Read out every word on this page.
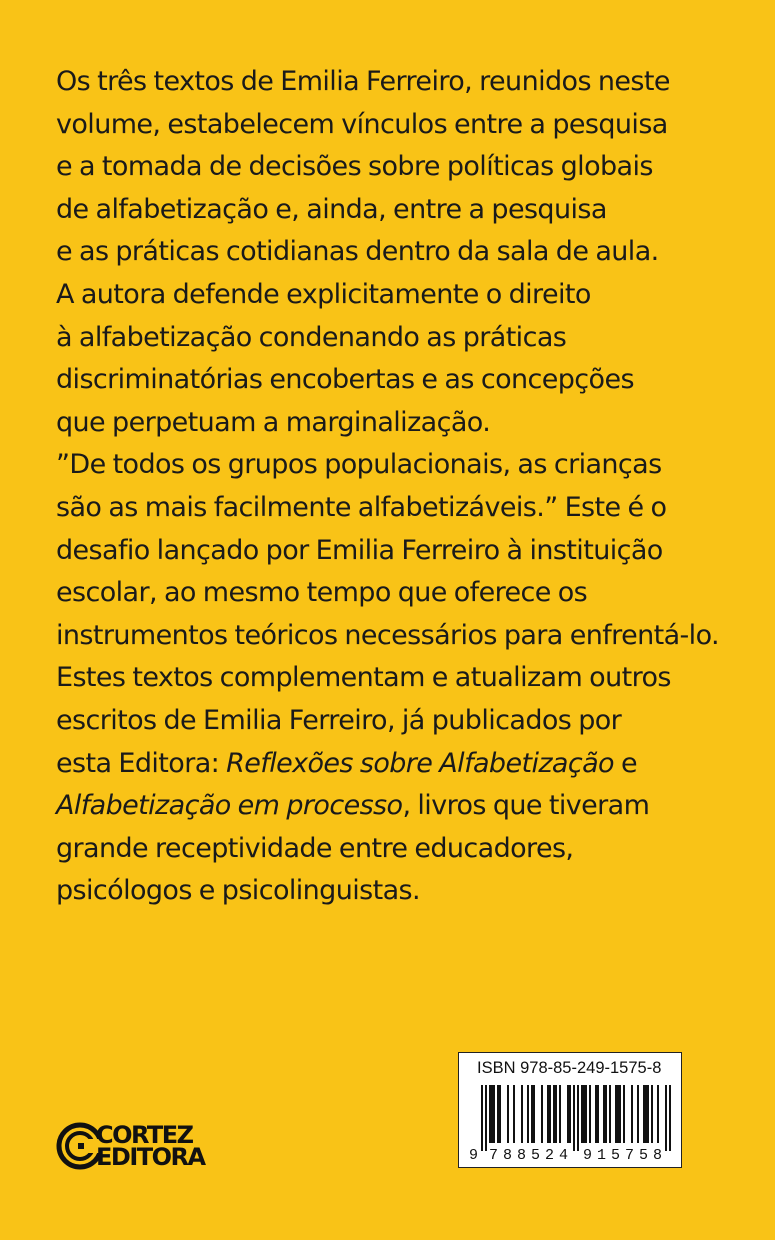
Os três textos de Emilia Ferreiro, reunidos neste
volume, estabelecem vínculos entre a pesquisa
e a tomada de decisões sobre políticas globais
de alfabetização e, ainda, entre a pesquisa
e as práticas cotidianas dentro da sala de aula.
A autora defende explicitamente o direito
à alfabetização condenando as práticas
discriminatórias encobertas e as concepções
que perpetuam a marginalização.
”De todos os grupos populacionais, as crianças
são as mais facilmente alfabetizáveis.” Este é o
desafio lançado por Emilia Ferreiro à instituição
escolar, ao mesmo tempo que oferece os
instrumentos teóricos necessários para enfrentá-lo.
Estes textos complementam e atualizam outros
escritos de Emilia Ferreiro, já publicados por
esta Editora: Reflexões sobre Alfabetização e
Alfabetização em processo, livros que tiveram
grande receptividade entre educadores,
psicólogos e psicolinguistas.
CORTEZ
EDITORA
ISBN 978-85-249-1575-8
9 7 8 8 5 2 4 9 1 5 7 5 8
